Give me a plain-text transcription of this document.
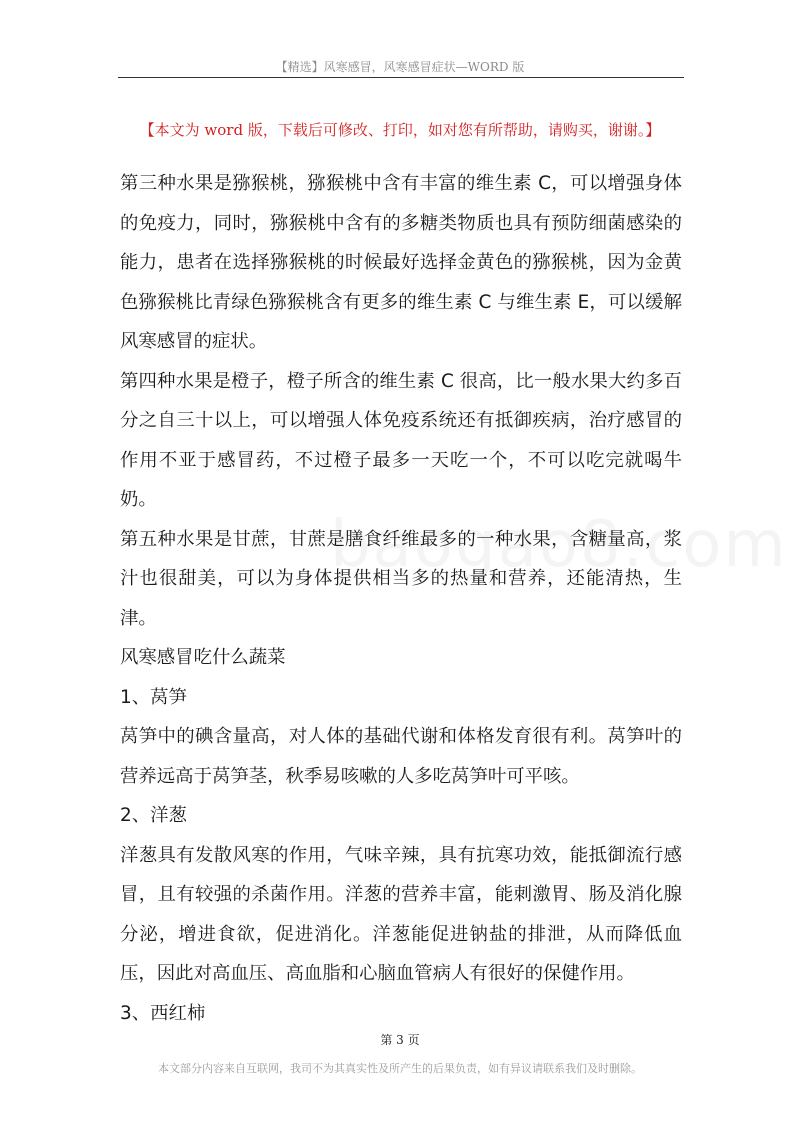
【精选】风寒感冒，风寒感冒症状—WORD 版
【本文为 word 版，下载后可修改、打印，如对您有所帮助，请购买，谢谢。】

第三种水果是猕猴桃，猕猴桃中含有丰富的维生素 C，可以增强身体的免疫力，同时，猕猴桃中含有的多糖类物质也具有预防细菌感染的能力，患者在选择猕猴桃的时候最好选择金黄色的猕猴桃，因为金黄色猕猴桃比青绿色猕猴桃含有更多的维生素 C 与维生素 E，可以缓解风寒感冒的症状。

第四种水果是橙子，橙子所含的维生素 C 很高，比一般水果大约多百分之自三十以上，可以增强人体免疫系统还有抵御疾病，治疗感冒的作用不亚于感冒药，不过橙子最多一天吃一个，不可以吃完就喝牛奶。

第五种水果是甘蔗，甘蔗是膳食纤维最多的一种水果，含糖量高，浆汁也很甜美，可以为身体提供相当多的热量和营养，还能清热，生津。

风寒感冒吃什么蔬菜

1、莴笋

莴笋中的碘含量高，对人体的基础代谢和体格发育很有利。莴笋叶的营养远高于莴笋茎，秋季易咳嗽的人多吃莴笋叶可平咳。

2、洋葱

洋葱具有发散风寒的作用，气味辛辣，具有抗寒功效，能抵御流行感冒，且有较强的杀菌作用。洋葱的营养丰富，能刺激胃、肠及消化腺分泌，增进食欲，促进消化。洋葱能促进钠盐的排泄，从而降低血压，因此对高血压、高血脂和心脑血管病人有很好的保健作用。

3、西红柿

第 3 页
本文部分内容来自互联网，我司不为其真实性及所产生的后果负责，如有异议请联系我们及时删除。
